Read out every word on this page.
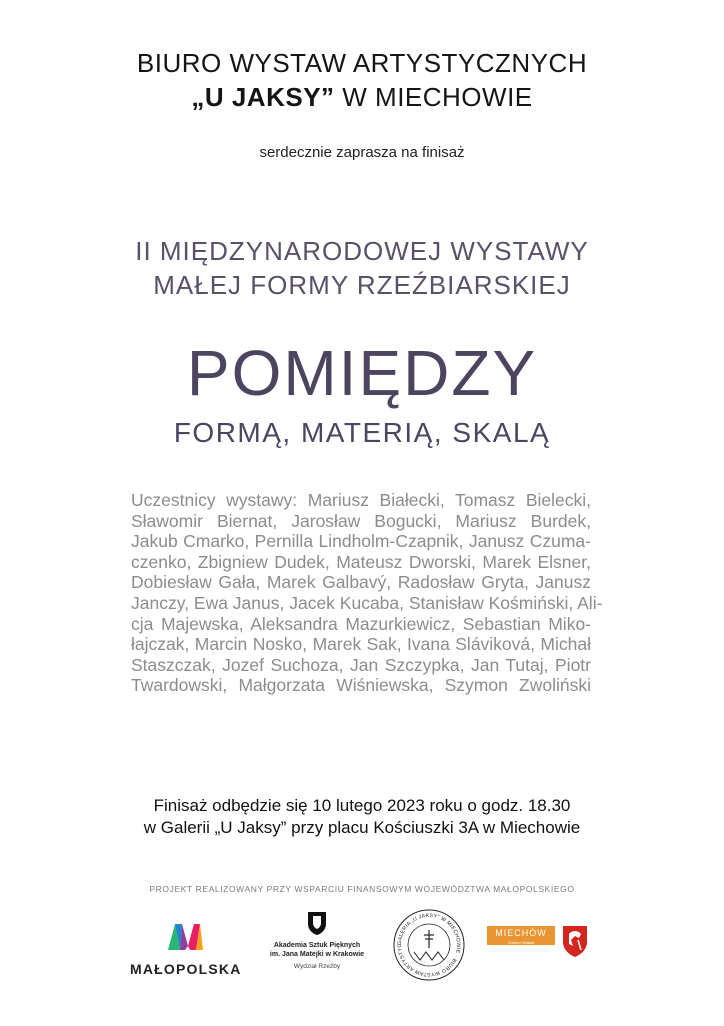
BIURO WYSTAW ARTYSTYCZNYCH
„U JAKSY” W MIECHOWIE
serdecznie zaprasza na finisaż
II MIĘDZYNARODOWEJ WYSTAWY
MAŁEJ FORMY RZEŹBIARSKIEJ
POMIĘDZY
FORMĄ, MATERIĄ, SKALĄ
Uczestnicy wystawy: Mariusz Białecki, Tomasz Bielecki,
Sławomir Biernat, Jarosław Bogucki, Mariusz Burdek,
Jakub Cmarko, Pernilla Lindholm-Czapnik, Janusz Czuma-
czenko, Zbigniew Dudek, Mateusz Dworski, Marek Elsner,
Dobiesław Gała, Marek Galbavý, Radosław Gryta, Janusz
Janczy, Ewa Janus, Jacek Kucaba, Stanisław Kośmiński, Ali-
cja Majewska, Aleksandra Mazurkiewicz, Sebastian Miko-
łajczak, Marcin Nosko, Marek Sak, Ivana Sláviková, Michał
Staszczak, Jozef Suchoza, Jan Szczypka, Jan Tutaj, Piotr
Twardowski, Małgorzata Wiśniewska, Szymon Zwoliński
Finisaż odbędzie się 10 lutego 2023 roku o godz. 18.30
w Galerii „U Jaksy” przy placu Kościuszki 3A w Miechowie
PROJEKT REALIZOWANY PRZY WSPARCIU FINANSOWYM WOJEWÓDZTWA MAŁOPOLSKIEGO
MAŁOPOLSKA
Akademia Sztuk Pięknych
im. Jana Matejki w Krakowie
Wydział Rzeźby
GALERIA „U JAKSY” W MIECHOWIE · BIURO WYSTAW ARTYSTYC
MIECHÓW
Gmina i Miasto
